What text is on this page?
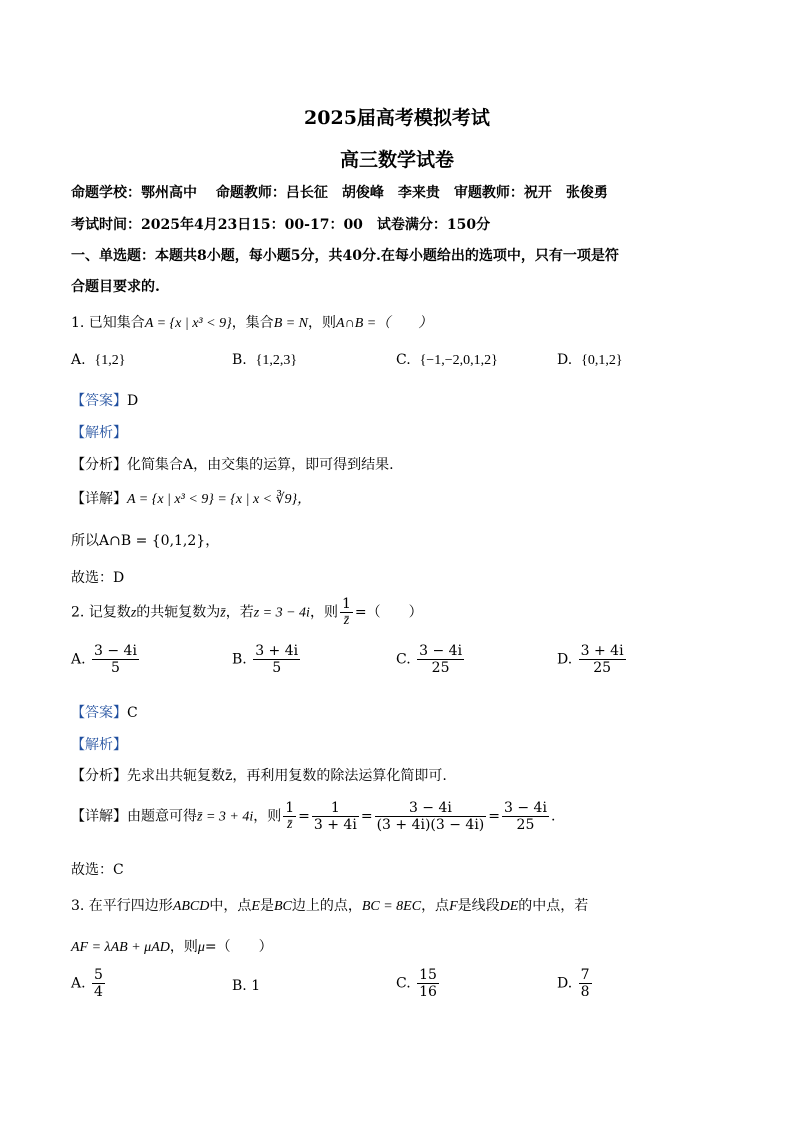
2025届高考模拟考试
高三数学试卷
命题学校：鄂州高中　 命题教师：吕长征　胡俊峰　李来贵　审题教师：祝开　张俊勇
考试时间：2025年4月23日15：00-17：00　试卷满分：150分
一、单选题：本题共8小题，每小题5分，共40分.在每小题给出的选项中，只有一项是符
合题目要求的.
1. 已知集合A = {x | x³ < 9}，集合B = N，则A∩B =（　　）
A. {1,2}	B. {1,2,3}	C. {−1,−2,0,1,2}	D. {0,1,2}
【答案】D
【解析】
【分析】化简集合A，由交集的运算，即可得到结果.
【详解】A = {x | x³ < 9} = {x | x < ∛9}，
所以A∩B = {0,1,2}，
故选：D
2. 记复数z的共轭复数为z̄，若z = 3 − 4i，则 $\frac{1}{z̄}$ =（　　）
A. $\frac{3 - 4i}{5}$	B. $\frac{3 + 4i}{5}$	C. $\frac{3 - 4i}{25}$	D. $\frac{3 + 4i}{25}$
【答案】C
【解析】
【分析】先求出共轭复数z̄，再利用复数的除法运算化简即可.
【详解】由题意可得z̄ = 3 + 4i，则 $\frac{1}{z̄} = \frac{1}{3 + 4i} = \frac{3 - 4i}{(3 + 4i)(3 - 4i)} = \frac{3 - 4i}{25}$ .
故选：C
3. 在平行四边形ABCD中，点E是BC边上的点，BC = 8EC，点F是线段DE的中点，若
AF = λAB + μAD，则μ=（　　）
A. $\frac{5}{4}$	B. 1	C. $\frac{15}{16}$	D. $\frac{7}{8}$
